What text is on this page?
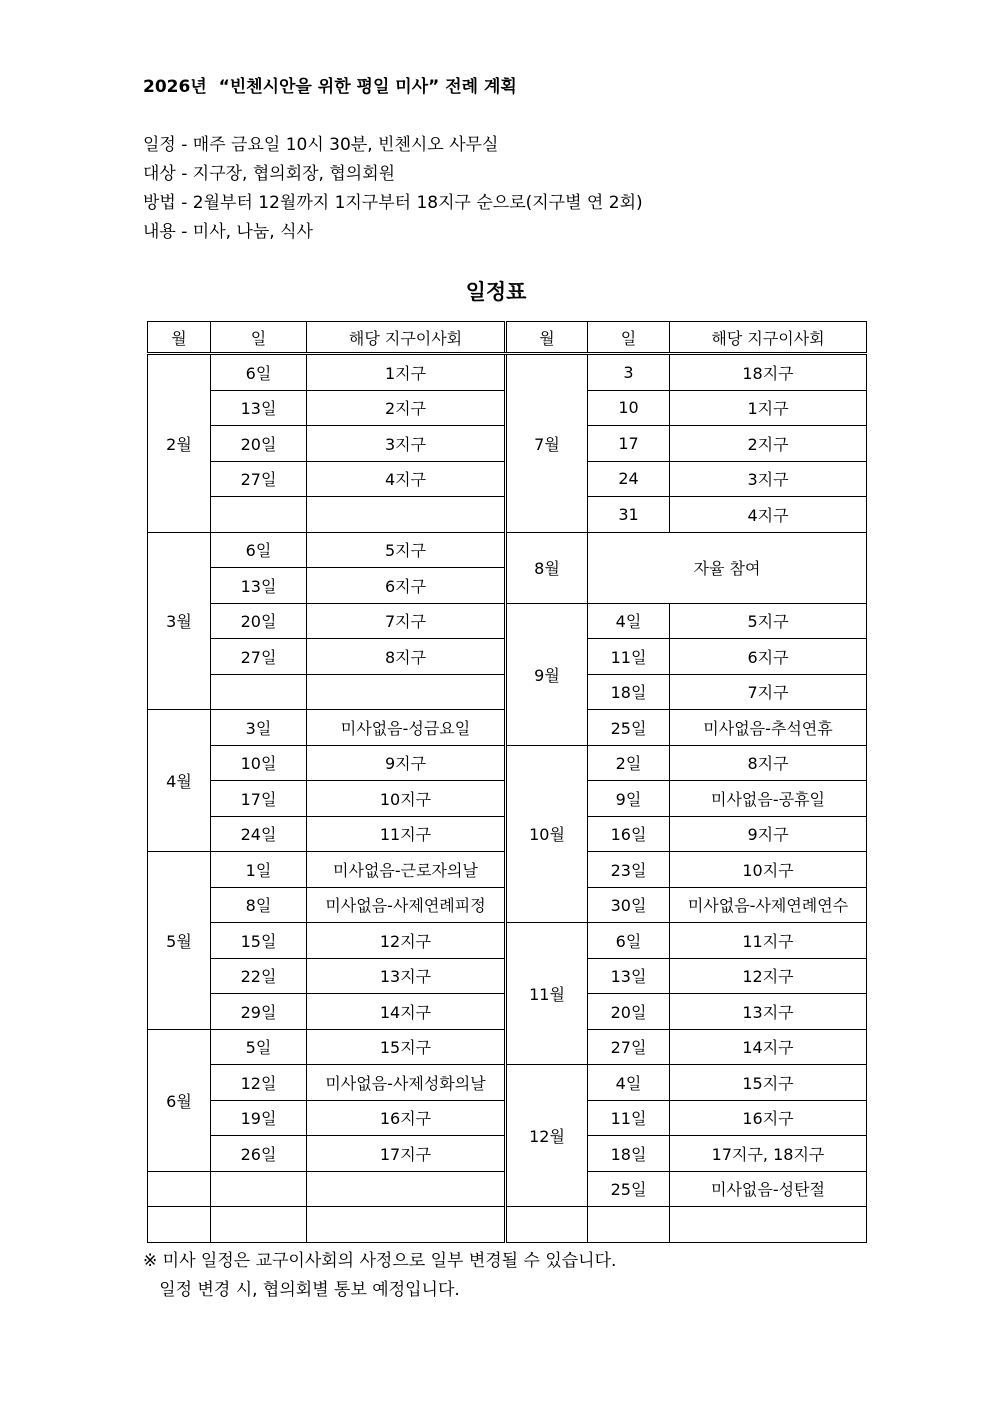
2026년  “빈첸시안을 위한 평일 미사” 전례 계획
일정 - 매주 금요일 10시 30분, 빈첸시오 사무실
대상 - 지구장, 협의회장, 협의회원
방법 - 2월부터 12월까지 1지구부터 18지구 순으로(지구별 연 2회)
내용 - 미사, 나눔, 식사
일정표
월	일	해당 지구이사회	월	일	해당 지구이사회
2월	6일	1지구	7월	3	18지구
	13일	2지구		10	1지구
	20일	3지구		17	2지구
	27일	4지구		24	3지구
				31	4지구
3월	6일	5지구	8월	자율 참여	
	13일	6지구			
	20일	7지구	9월	4일	5지구
	27일	8지구		11일	6지구
				18일	7지구
4월	3일	미사없음-성금요일		25일	미사없음-추석연휴
	10일	9지구	10월	2일	8지구
	17일	10지구		9일	미사없음-공휴일
	24일	11지구		16일	9지구
5월	1일	미사없음-근로자의날		23일	10지구
	8일	미사없음-사제연례피정		30일	미사없음-사제연례연수
	15일	12지구	11월	6일	11지구
	22일	13지구		13일	12지구
	29일	14지구		20일	13지구
6월	5일	15지구		27일	14지구
	12일	미사없음-사제성화의날	12월	4일	15지구
	19일	16지구		11일	16지구
	26일	17지구		18일	17지구, 18지구
				25일	미사없음-성탄절

※ 미사 일정은 교구이사회의 사정으로 일부 변경될 수 있습니다.
일정 변경 시, 협의회별 통보 예정입니다.
